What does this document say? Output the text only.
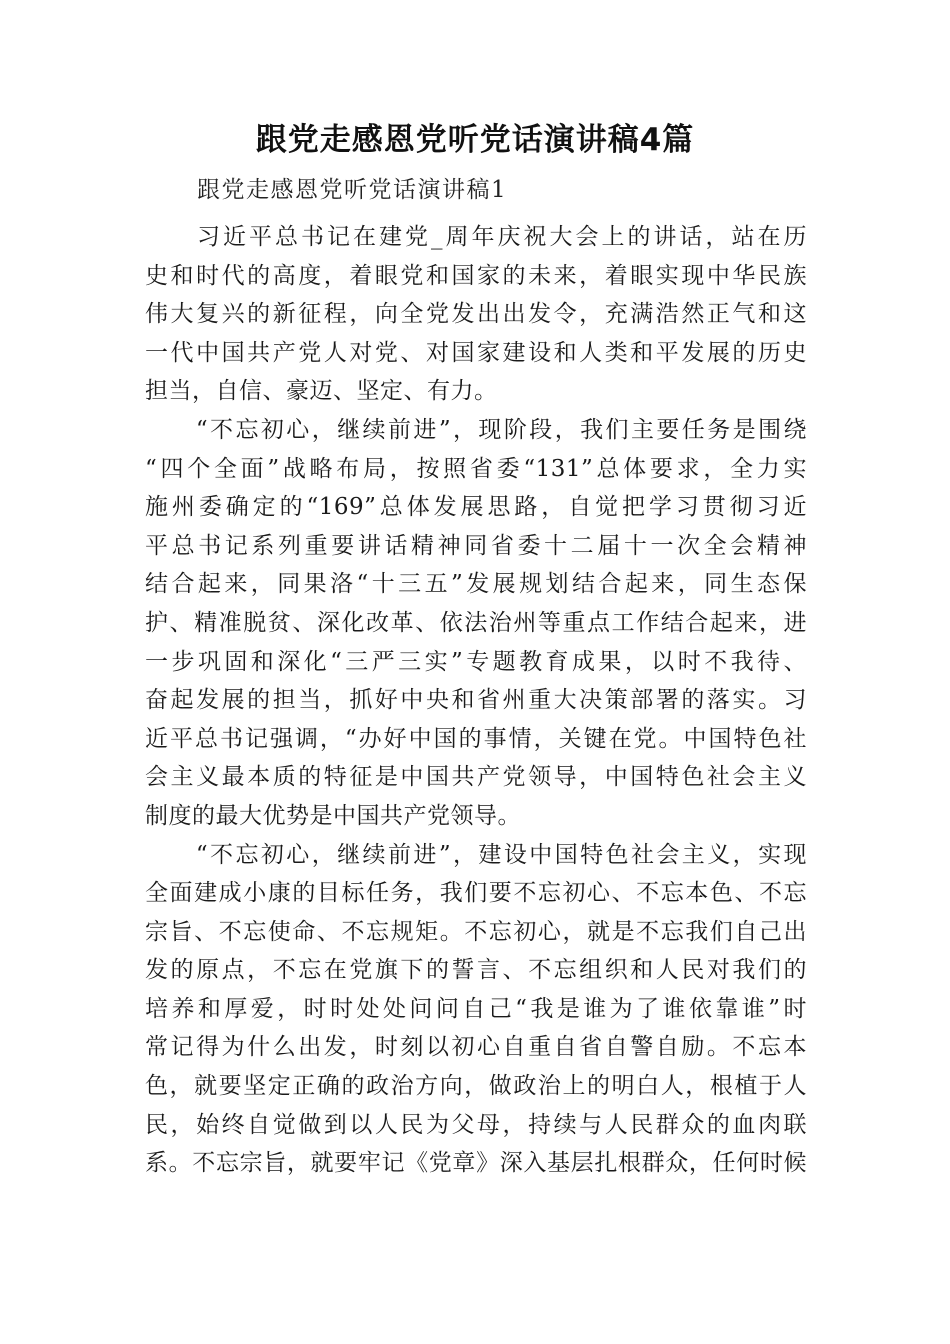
跟党走感恩党听党话演讲稿4篇
跟党走感恩党听党话演讲稿1
　　习近平总书记在建党_周年庆祝大会上的讲话，站在历
史和时代的高度，着眼党和国家的未来，着眼实现中华民族
伟大复兴的新征程，向全党发出出发令，充满浩然正气和这
一代中国共产党人对党、对国家建设和人类和平发展的历史
担当，自信、豪迈、坚定、有力。
　　“不忘初心，继续前进”，现阶段，我们主要任务是围绕
“四个全面”战略布局，按照省委“131”总体要求，全力实
施州委确定的“169”总体发展思路，自觉把学习贯彻习近
平总书记系列重要讲话精神同省委十二届十一次全会精神
结合起来，同果洛“十三五”发展规划结合起来，同生态保
护、精准脱贫、深化改革、依法治州等重点工作结合起来，进
一步巩固和深化“三严三实”专题教育成果，以时不我待、
奋起发展的担当，抓好中央和省州重大决策部署的落实。习
近平总书记强调，“办好中国的事情，关键在党。中国特色社
会主义最本质的特征是中国共产党领导，中国特色社会主义
制度的最大优势是中国共产党领导。
　　“不忘初心，继续前进”，建设中国特色社会主义，实现
全面建成小康的目标任务，我们要不忘初心、不忘本色、不忘
宗旨、不忘使命、不忘规矩。不忘初心，就是不忘我们自己出
发的原点，不忘在党旗下的誓言、不忘组织和人民对我们的
培养和厚爱，时时处处问问自己“我是谁为了谁依靠谁”时
常记得为什么出发，时刻以初心自重自省自警自励。不忘本
色，就要坚定正确的政治方向，做政治上的明白人，根植于人
民，始终自觉做到以人民为父母，持续与人民群众的血肉联
系。不忘宗旨，就要牢记《党章》深入基层扎根群众，任何时候
